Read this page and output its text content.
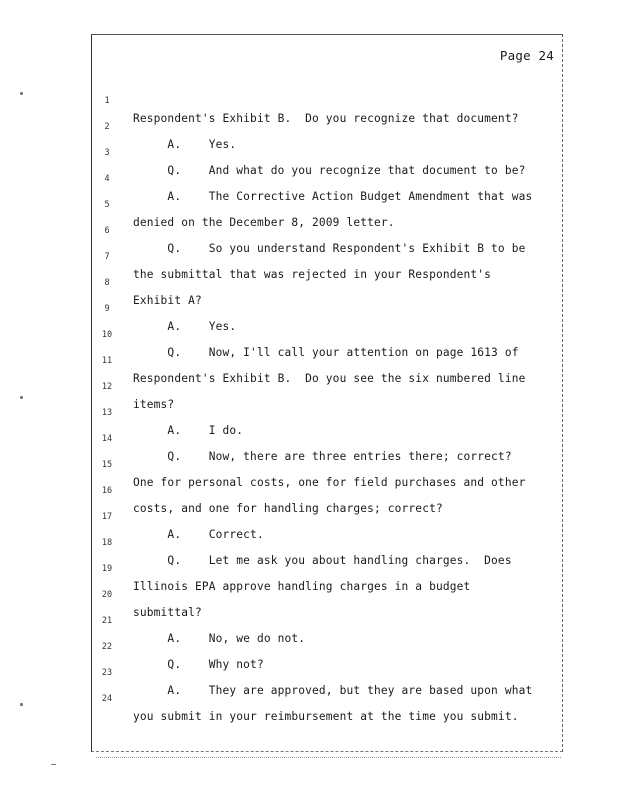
Page 24

1

Respondent's Exhibit B.  Do you recognize that document?

2

A.    Yes.

3

Q.    And what do you recognize that document to be?

4

A.    The Corrective Action Budget Amendment that was

5

denied on the December 8, 2009 letter.

6

Q.    So you understand Respondent's Exhibit B to be

7

the submittal that was rejected in your Respondent's

8

Exhibit A?

9

A.    Yes.

10

Q.    Now, I'll call your attention on page 1613 of

11

Respondent's Exhibit B.  Do you see the six numbered line

12

items?

13

A.    I do.

14

Q.    Now, there are three entries there; correct?

15

One for personal costs, one for field purchases and other

16

costs, and one for handling charges; correct?

17

A.    Correct.

18

Q.    Let me ask you about handling charges.  Does

19

Illinois EPA approve handling charges in a budget

20

submittal?

21

A.    No, we do not.

22

Q.    Why not?

23

A.    They are approved, but they are based upon what

24

you submit in your reimbursement at the time you submit.
